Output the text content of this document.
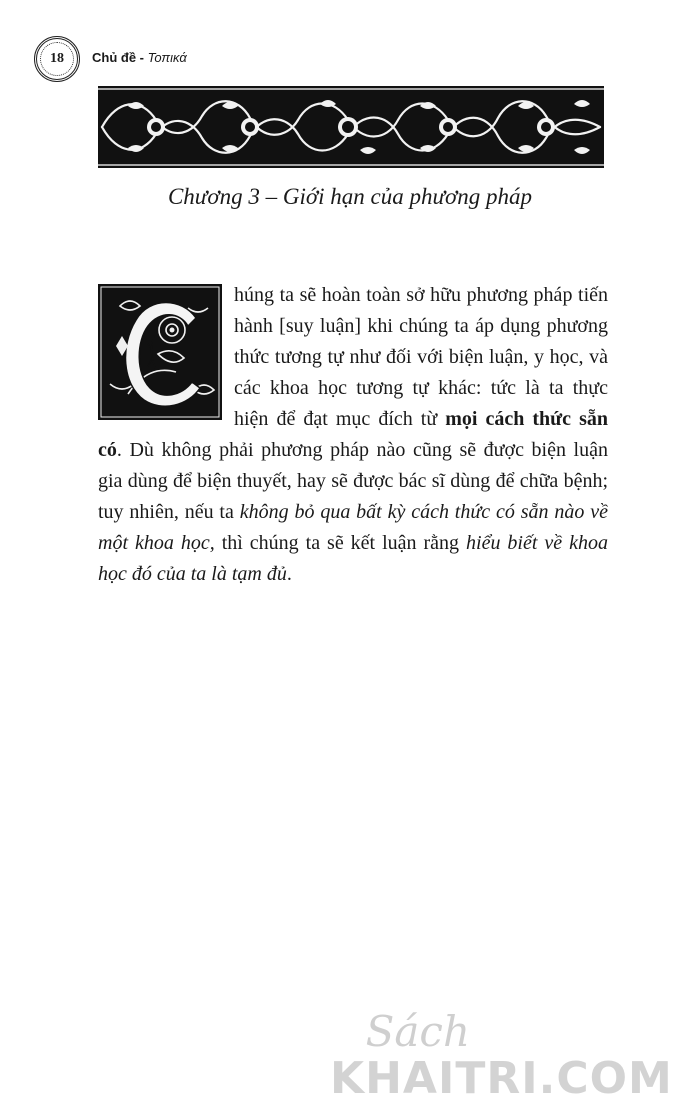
18	Chủ đề - Τοπικά
Chương 3 – Giới hạn của phương pháp
húng ta sẽ hoàn toàn sở hữu phương pháp tiến hành [suy luận] khi chúng ta áp dụng phương thức tương tự như đối với biện luận, y học, và các khoa học tương tự khác: tức là ta thực hiện để đạt mục đích từ mọi cách thức sẵn có. Dù không phải phương pháp nào cũng sẽ được biện luận gia dùng để biện thuyết, hay sẽ được bác sĩ dùng để chữa bệnh; tuy nhiên, nếu ta không bỏ qua bất kỳ cách thức có sẵn nào về một khoa học, thì chúng ta sẽ kết luận rằng hiểu biết về khoa học đó của ta là tạm đủ.
Sách
KHAITRI.COM
